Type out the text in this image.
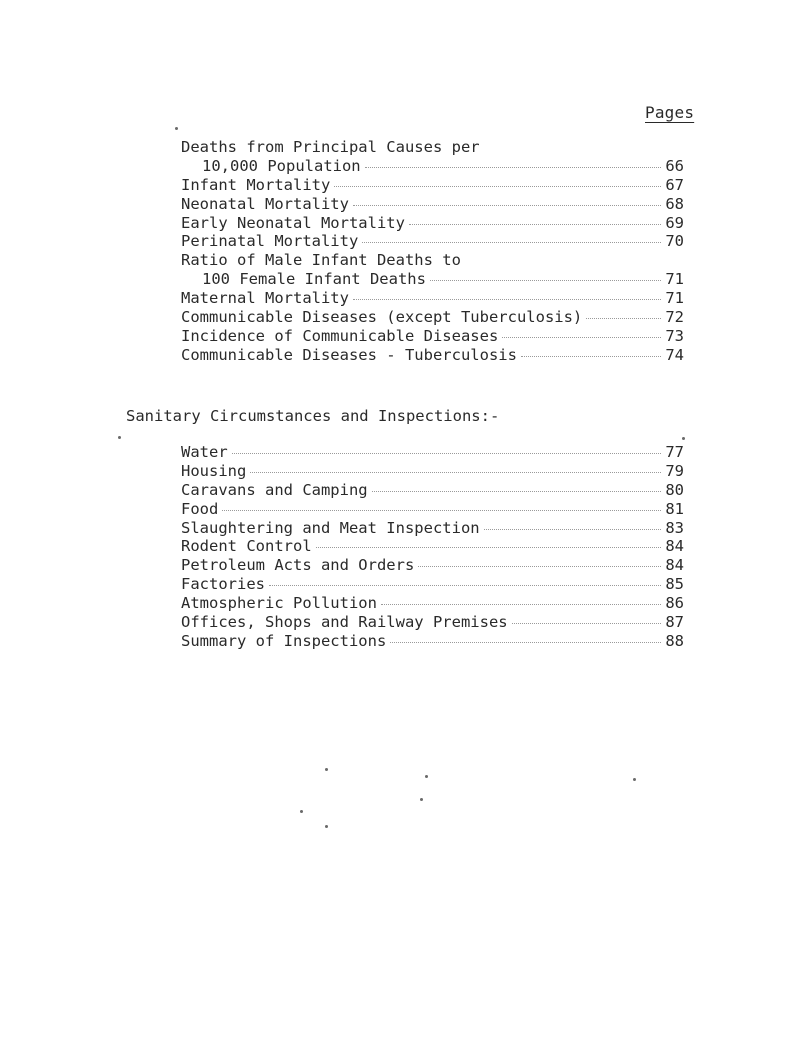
Pages
Deaths from Principal Causes per
10,000 Population	66
Infant Mortality	67
Neonatal Mortality	68
Early Neonatal Mortality	69
Perinatal Mortality	70
Ratio of Male Infant Deaths to
100 Female Infant Deaths	71
Maternal Mortality	71
Communicable Diseases (except Tuberculosis)	72
Incidence of Communicable Diseases	73
Communicable Diseases - Tuberculosis	74
Sanitary Circumstances and Inspections:-
Water	77
Housing	79
Caravans and Camping	80
Food	81
Slaughtering and Meat Inspection	83
Rodent Control	84
Petroleum Acts and Orders	84
Factories	85
Atmospheric Pollution	86
Offices, Shops and Railway Premises	87
Summary of Inspections	88
